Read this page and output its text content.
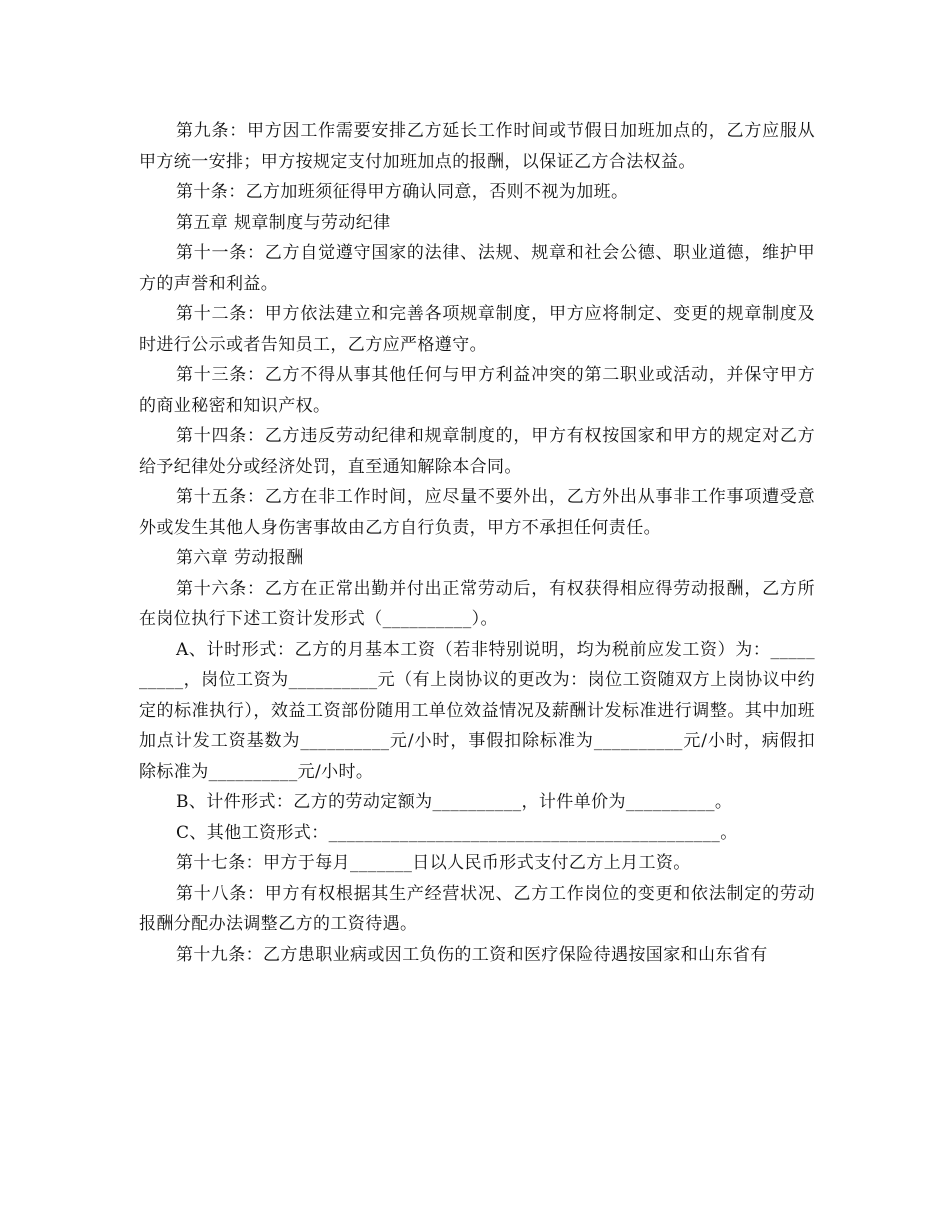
第九条：甲方因工作需要安排乙方延长工作时间或节假日加班加点的，乙方应服从甲方统一安排；甲方按规定支付加班加点的报酬，以保证乙方合法权益。

第十条：乙方加班须征得甲方确认同意，否则不视为加班。

第五章 规章制度与劳动纪律

第十一条：乙方自觉遵守国家的法律、法规、规章和社会公德、职业道德，维护甲方的声誉和利益。

第十二条：甲方依法建立和完善各项规章制度，甲方应将制定、变更的规章制度及时进行公示或者告知员工，乙方应严格遵守。

第十三条：乙方不得从事其他任何与甲方利益冲突的第二职业或活动，并保守甲方的商业秘密和知识产权。

第十四条：乙方违反劳动纪律和规章制度的，甲方有权按国家和甲方的规定对乙方给予纪律处分或经济处罚，直至通知解除本合同。

第十五条：乙方在非工作时间，应尽量不要外出，乙方外出从事非工作事项遭受意外或发生其他人身伤害事故由乙方自行负责，甲方不承担任何责任。

第六章 劳动报酬

第十六条：乙方在正常出勤并付出正常劳动后，有权获得相应得劳动报酬，乙方所在岗位执行下述工资计发形式（__________）。

A、计时形式：乙方的月基本工资（若非特别说明，均为税前应发工资）为：__________，岗位工资为__________元（有上岗协议的更改为：岗位工资随双方上岗协议中约定的标准执行），效益工资部份随用工单位效益情况及薪酬计发标准进行调整。其中加班加点计发工资基数为__________元/小时，事假扣除标准为__________元/小时，病假扣除标准为__________元/小时。

B、计件形式：乙方的劳动定额为__________，计件单价为__________。

C、其他工资形式：____________________________________________。

第十七条：甲方于每月_______日以人民币形式支付乙方上月工资。

第十八条：甲方有权根据其生产经营状况、乙方工作岗位的变更和依法制定的劳动报酬分配办法调整乙方的工资待遇。

第十九条：乙方患职业病或因工负伤的工资和医疗保险待遇按国家和山东省有
